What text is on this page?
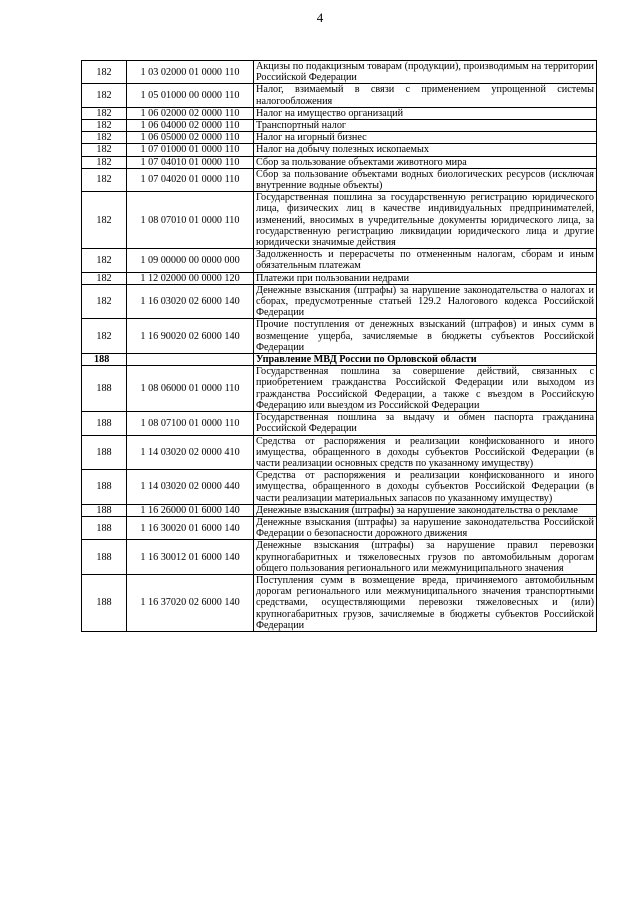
4
182	1 03 02000 01 0000 110	Акцизы по подакцизным товарам (продукции), производимым на территории Российской Федерации
182	1 05 01000 00 0000 110	Налог, взимаемый в связи с применением упрощенной системы налогообложения
182	1 06 02000 02 0000 110	Налог на имущество организаций
182	1 06 04000 02 0000 110	Транспортный налог
182	1 06 05000 02 0000 110	Налог на игорный бизнес
182	1 07 01000 01 0000 110	Налог на добычу полезных ископаемых
182	1 07 04010 01 0000 110	Сбор за пользование объектами животного мира
182	1 07 04020 01 0000 110	Сбор за пользование объектами водных биологических ресурсов (исключая внутренние водные объекты)
182	1 08 07010 01 0000 110	Государственная пошлина за государственную регистрацию юридического лица, физических лиц в качестве индивидуальных предпринимателей, изменений, вносимых в учредительные документы юридического лица, за государственную регистрацию ликвидации юридического лица и другие юридически значимые действия
182	1 09 00000 00 0000 000	Задолженность и перерасчеты по отмененным налогам, сборам и иным обязательным платежам
182	1 12 02000 00 0000 120	Платежи при пользовании недрами
182	1 16 03020 02 6000 140	Денежные взыскания (штрафы) за нарушение законодательства о налогах и сборах, предусмотренные статьей 129.2 Налогового кодекса Российской Федерации
182	1 16 90020 02 6000 140	Прочие поступления от денежных взысканий (штрафов) и иных сумм в возмещение ущерба, зачисляемые в бюджеты субъектов Российской Федерации
188		Управление МВД России по Орловской области
188	1 08 06000 01 0000 110	Государственная пошлина за совершение действий, связанных с приобретением гражданства Российской Федерации или выходом из гражданства Российской Федерации, а также с въездом в Российскую Федерацию или выездом из Российской Федерации
188	1 08 07100 01 0000 110	Государственная пошлина за выдачу и обмен паспорта гражданина Российской Федерации
188	1 14 03020 02 0000 410	Средства от распоряжения и реализации конфискованного и иного имущества, обращенного в доходы субъектов Российской Федерации (в части реализации основных средств по указанному имуществу)
188	1 14 03020 02 0000 440	Средства от распоряжения и реализации конфискованного и иного имущества, обращенного в доходы субъектов Российской Федерации (в части реализации материальных запасов по указанному имуществу)
188	1 16 26000 01 6000 140	Денежные взыскания (штрафы) за нарушение законодательства о рекламе
188	1 16 30020 01 6000 140	Денежные взыскания (штрафы) за нарушение законодательства Российской Федерации о безопасности дорожного движения
188	1 16 30012 01 6000 140	Денежные взыскания (штрафы) за нарушение правил перевозки крупногабаритных и тяжеловесных грузов по автомобильным дорогам общего пользования регионального или межмуниципального значения
188	1 16 37020 02 6000 140	Поступления сумм в возмещение вреда, причиняемого автомобильным дорогам регионального или межмуниципального значения транспортными средствами, осуществляющими перевозки тяжеловесных и (или) крупногабаритных грузов, зачисляемые в бюджеты субъектов Российской Федерации
